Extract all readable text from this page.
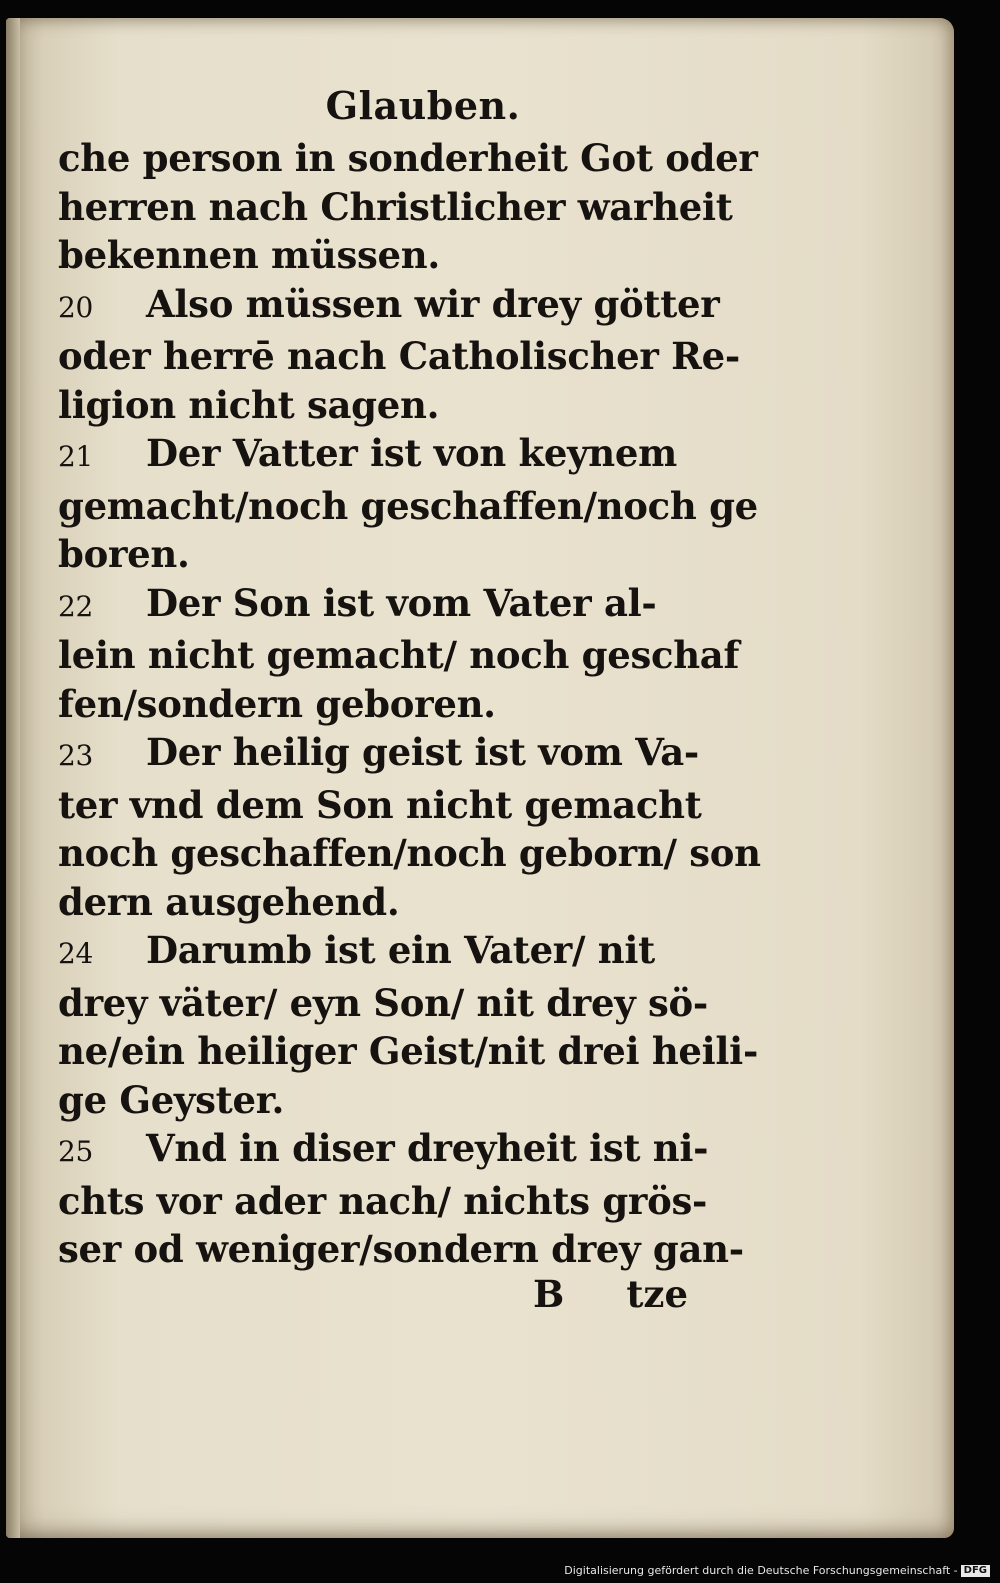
Glauben.
che person in sonderheit Got oder
herren nach Christlicher warheit
bekennen müssen.
20 Also müssen wir drey götter
oder herrē nach Catholischer Re-
ligion nicht sagen.
21 Der Vatter ist von keynem
gemacht/noch geschaffen/noch ge
boren.
22 Der Son ist vom Vater al-
lein nicht gemacht/ noch geschaf
fen/sondern geboren.
23 Der heilig geist ist vom Va-
ter vnd dem Son nicht gemacht
noch geschaffen/noch geborn/ son
dern ausgehend.
24 Darumb ist ein Vater/ nit
drey väter/ eyn Son/ nit drey sö-
ne/ein heiliger Geist/nit drei heili-
ge Geyster.
25 Vnd in diser dreyheit ist ni-
chts vor ader nach/ nichts grös-
ser od weniger/sondern drey gan-
B tze
Digitalisierung gefördert durch die Deutsche Forschungsgemeinschaft - DFG
